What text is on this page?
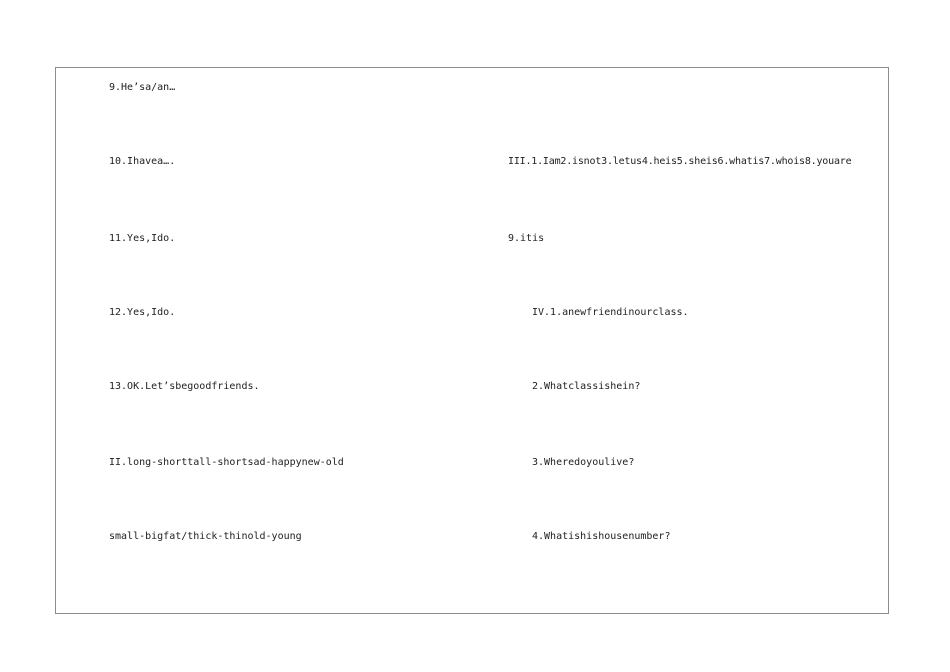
9.He’sa/an…
10.Ihavea….
11.Yes,Ido.
12.Yes,Ido.
13.OK.Let’sbegoodfriends.
II.long-shorttall-shortsad-happynew-old
small-bigfat/thick-thinold-young
III.1.Iam2.isnot3.letus4.heis5.sheis6.whatis7.whois8.youare
9.itis
IV.1.anewfriendinourclass.
2.Whatclassishein?
3.Wheredoyoulive?
4.Whatishishousenumber?
